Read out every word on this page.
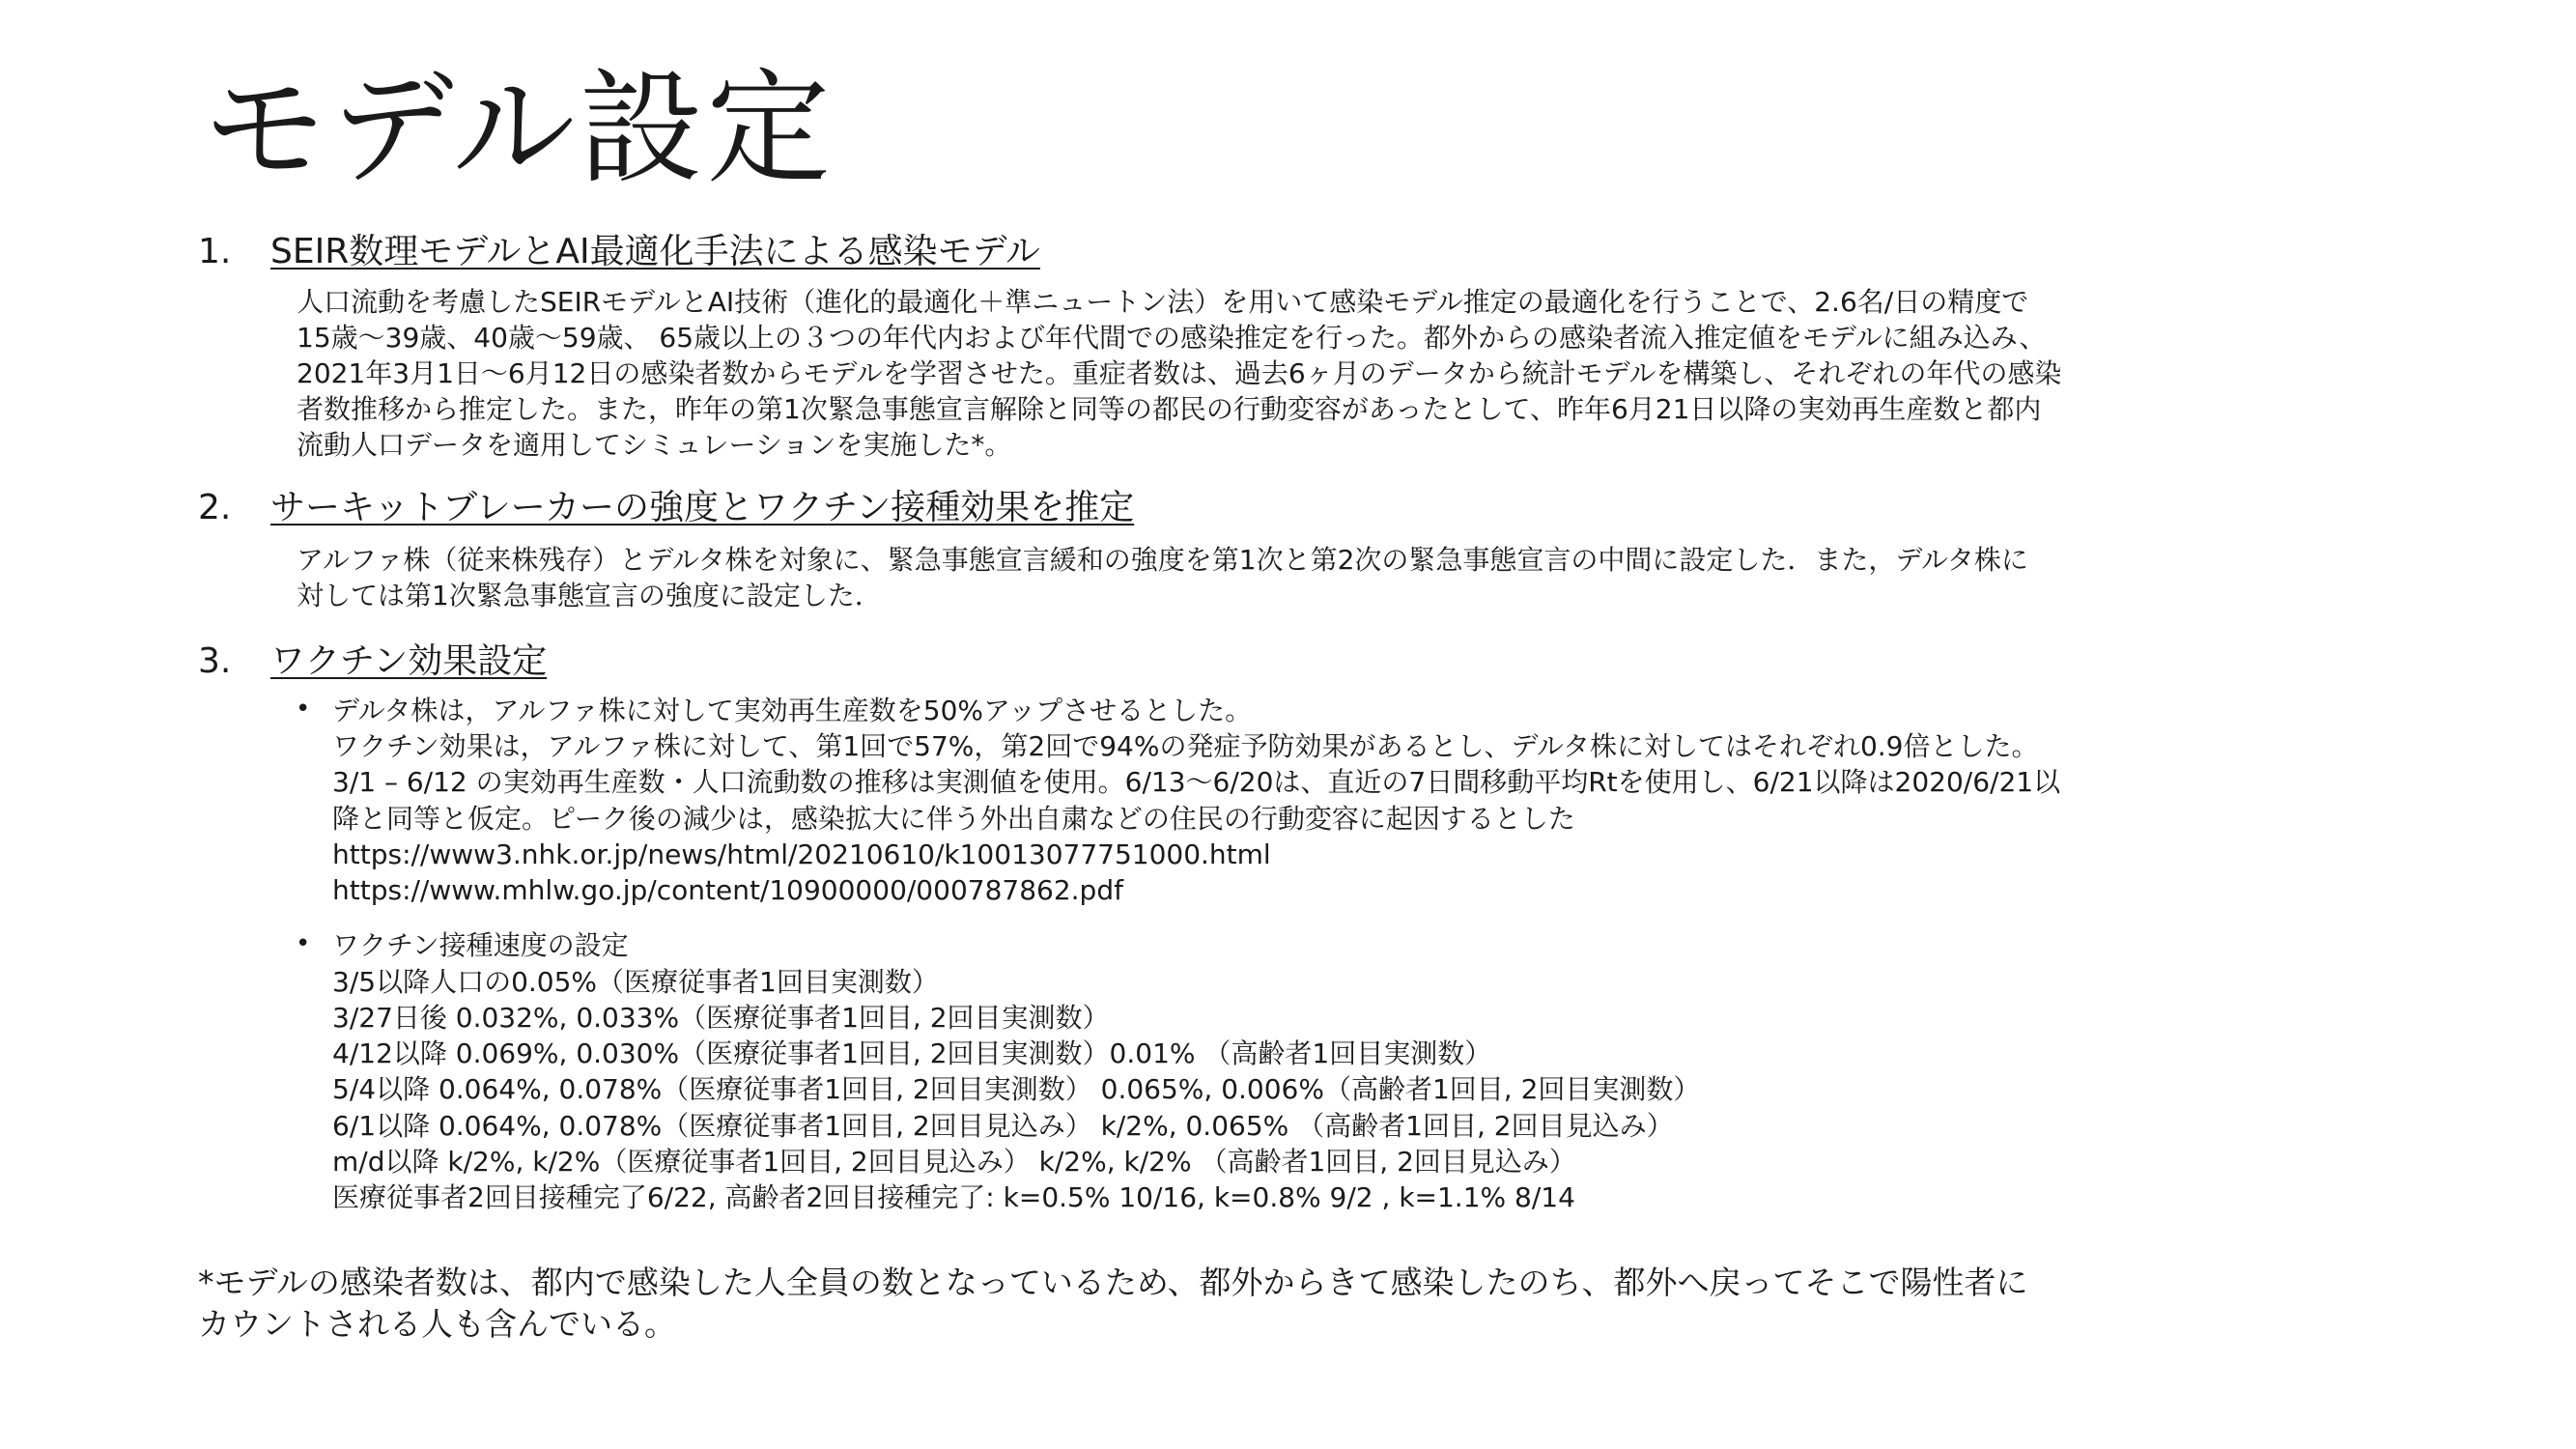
モデル設定
1.	SEIR数理モデルとAI最適化手法による感染モデル
人口流動を考慮したSEIRモデルとAI技術（進化的最適化＋準ニュートン法）を用いて感染モデル推定の最適化を行うことで、2.6名/日の精度で
15歳〜39歳、40歳〜59歳、 65歳以上の３つの年代内および年代間での感染推定を行った。都外からの感染者流入推定値をモデルに組み込み、
2021年3月1日〜6月12日の感染者数からモデルを学習させた。重症者数は、過去6ヶ月のデータから統計モデルを構築し、それぞれの年代の感染
者数推移から推定した。また，昨年の第1次緊急事態宣言解除と同等の都民の行動変容があったとして、昨年6月21日以降の実効再生産数と都内
流動人口データを適用してシミュレーションを実施した*。
2.	サーキットブレーカーの強度とワクチン接種効果を推定
アルファ株（従来株残存）とデルタ株を対象に、緊急事態宣言緩和の強度を第1次と第2次の緊急事態宣言の中間に設定した．また，デルタ株に
対しては第1次緊急事態宣言の強度に設定した．
3.	ワクチン効果設定
• デルタ株は，アルファ株に対して実効再生産数を50%アップさせるとした。
ワクチン効果は，アルファ株に対して、第1回で57%，第2回で94%の発症予防効果があるとし、デルタ株に対してはそれぞれ0.9倍とした。
3/1 – 6/12 の実効再生産数・人口流動数の推移は実測値を使用。6/13〜6/20は、直近の7日間移動平均Rtを使用し、6/21以降は2020/6/21以
降と同等と仮定。ピーク後の減少は，感染拡大に伴う外出自粛などの住民の行動変容に起因するとした
https://www3.nhk.or.jp/news/html/20210610/k10013077751000.html
https://www.mhlw.go.jp/content/10900000/000787862.pdf
• ワクチン接種速度の設定
3/5以降人口の0.05%（医療従事者1回目実測数）
3/27日後 0.032%, 0.033%（医療従事者1回目, 2回目実測数）
4/12以降 0.069%, 0.030%（医療従事者1回目, 2回目実測数）0.01% （高齢者1回目実測数）
5/4以降 0.064%, 0.078%（医療従事者1回目, 2回目実測数） 0.065%, 0.006%（高齢者1回目, 2回目実測数）
6/1以降 0.064%, 0.078%（医療従事者1回目, 2回目見込み） k/2%, 0.065% （高齢者1回目, 2回目見込み）
m/d以降 k/2%, k/2%（医療従事者1回目, 2回目見込み） k/2%, k/2% （高齢者1回目, 2回目見込み）
医療従事者2回目接種完了6/22, 高齢者2回目接種完了: k=0.5% 10/16, k=0.8% 9/2 , k=1.1% 8/14
*モデルの感染者数は、都内で感染した人全員の数となっているため、都外からきて感染したのち、都外へ戻ってそこで陽性者に
カウントされる人も含んでいる。
